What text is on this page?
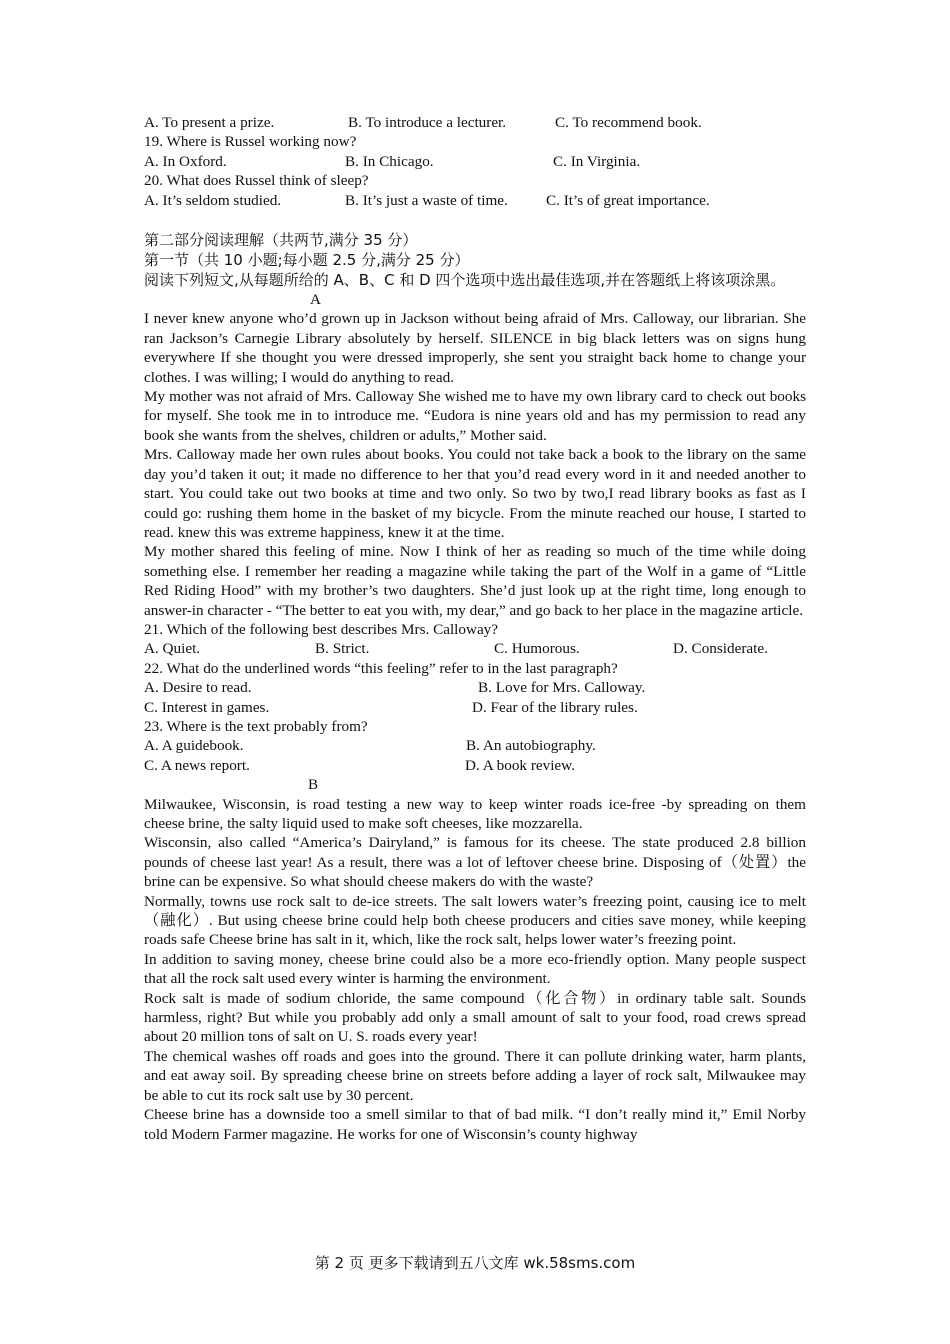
A. To present a prize.	B. To introduce a lecturer.	C. To recommend book.
19. Where is Russel working now?
A. In Oxford.	B. In Chicago.	C. In Virginia.
20. What does Russel think of sleep?
A. It’s seldom studied.	B. It’s just a waste of time.	C. It’s of great importance.
第二部分阅读理解（共两节,满分 35 分）
第一节（共 10 小题;每小题 2.5 分,满分 25 分）
阅读下列短文,从每题所给的 A、B、C 和 D 四个选项中选出最佳选项,并在答题纸上将该项涂黑。
A
I never knew anyone who’d grown up in Jackson without being afraid of Mrs. Calloway, our librarian. She ran Jackson’s Carnegie Library absolutely by herself. SILENCE in big black letters was on signs hung everywhere If she thought you were dressed improperly, she sent you straight back home to change your clothes. I was willing; I would do anything to read.
My mother was not afraid of Mrs. Calloway She wished me to have my own library card to check out books for myself. She took me in to introduce me. “Eudora is nine years old and has my permission to read any book she wants from the shelves, children or adults,” Mother said.
Mrs. Calloway made her own rules about books. You could not take back a book to the library on the same day you’d taken it out; it made no difference to her that you’d read every word in it and needed another to start. You could take out two books at time and two only. So two by two,I read library books as fast as I could go: rushing them home in the basket of my bicycle. From the minute reached our house, I started to read. knew this was extreme happiness, knew it at the time.
My mother shared this feeling of mine. Now I think of her as reading so much of the time while doing something else. I remember her reading a magazine while taking the part of the Wolf in a game of “Little Red Riding Hood” with my brother’s two daughters. She’d just look up at the right time, long enough to answer-in character - “The better to eat you with, my dear,” and go back to her place in the magazine article.
21. Which of the following best describes Mrs. Calloway?
A. Quiet.	B. Strict.	C. Humorous.	D. Considerate.
22. What do the underlined words “this feeling” refer to in the last paragraph?
A. Desire to read.	B. Love for Mrs. Calloway.
C. Interest in games.	D. Fear of the library rules.
23. Where is the text probably from?
A. A guidebook.	B. An autobiography.
C. A news report.	D. A book review.
B
Milwaukee, Wisconsin, is road testing a new way to keep winter roads ice-free -by spreading on them cheese brine, the salty liquid used to make soft cheeses, like mozzarella.
Wisconsin, also called “America’s Dairyland,” is famous for its cheese. The state produced 2.8 billion pounds of cheese last year! As a result, there was a lot of leftover cheese brine. Disposing of（处置）the brine can be expensive. So what should cheese makers do with the waste?
Normally, towns use rock salt to de-ice streets. The salt lowers water’s freezing point, causing ice to melt（融化）. But using cheese brine could help both cheese producers and cities save money, while keeping roads safe Cheese brine has salt in it, which, like the rock salt, helps lower water’s freezing point.
In addition to saving money, cheese brine could also be a more eco-friendly option. Many people suspect that all the rock salt used every winter is harming the environment.
Rock salt is made of sodium chloride, the same compound（化合物）in ordinary table salt. Sounds harmless, right? But while you probably add only a small amount of salt to your food, road crews spread about 20 million tons of salt on U. S. roads every year!
The chemical washes off roads and goes into the ground. There it can pollute drinking water, harm plants, and eat away soil. By spreading cheese brine on streets before adding a layer of rock salt, Milwaukee may be able to cut its rock salt use by 30 percent.
Cheese brine has a downside too a smell similar to that of bad milk. “I don’t really mind it,” Emil Norby told Modern Farmer magazine. He works for one of Wisconsin’s county highway
第 2 页 更多下载请到五八文库 wk.58sms.com
